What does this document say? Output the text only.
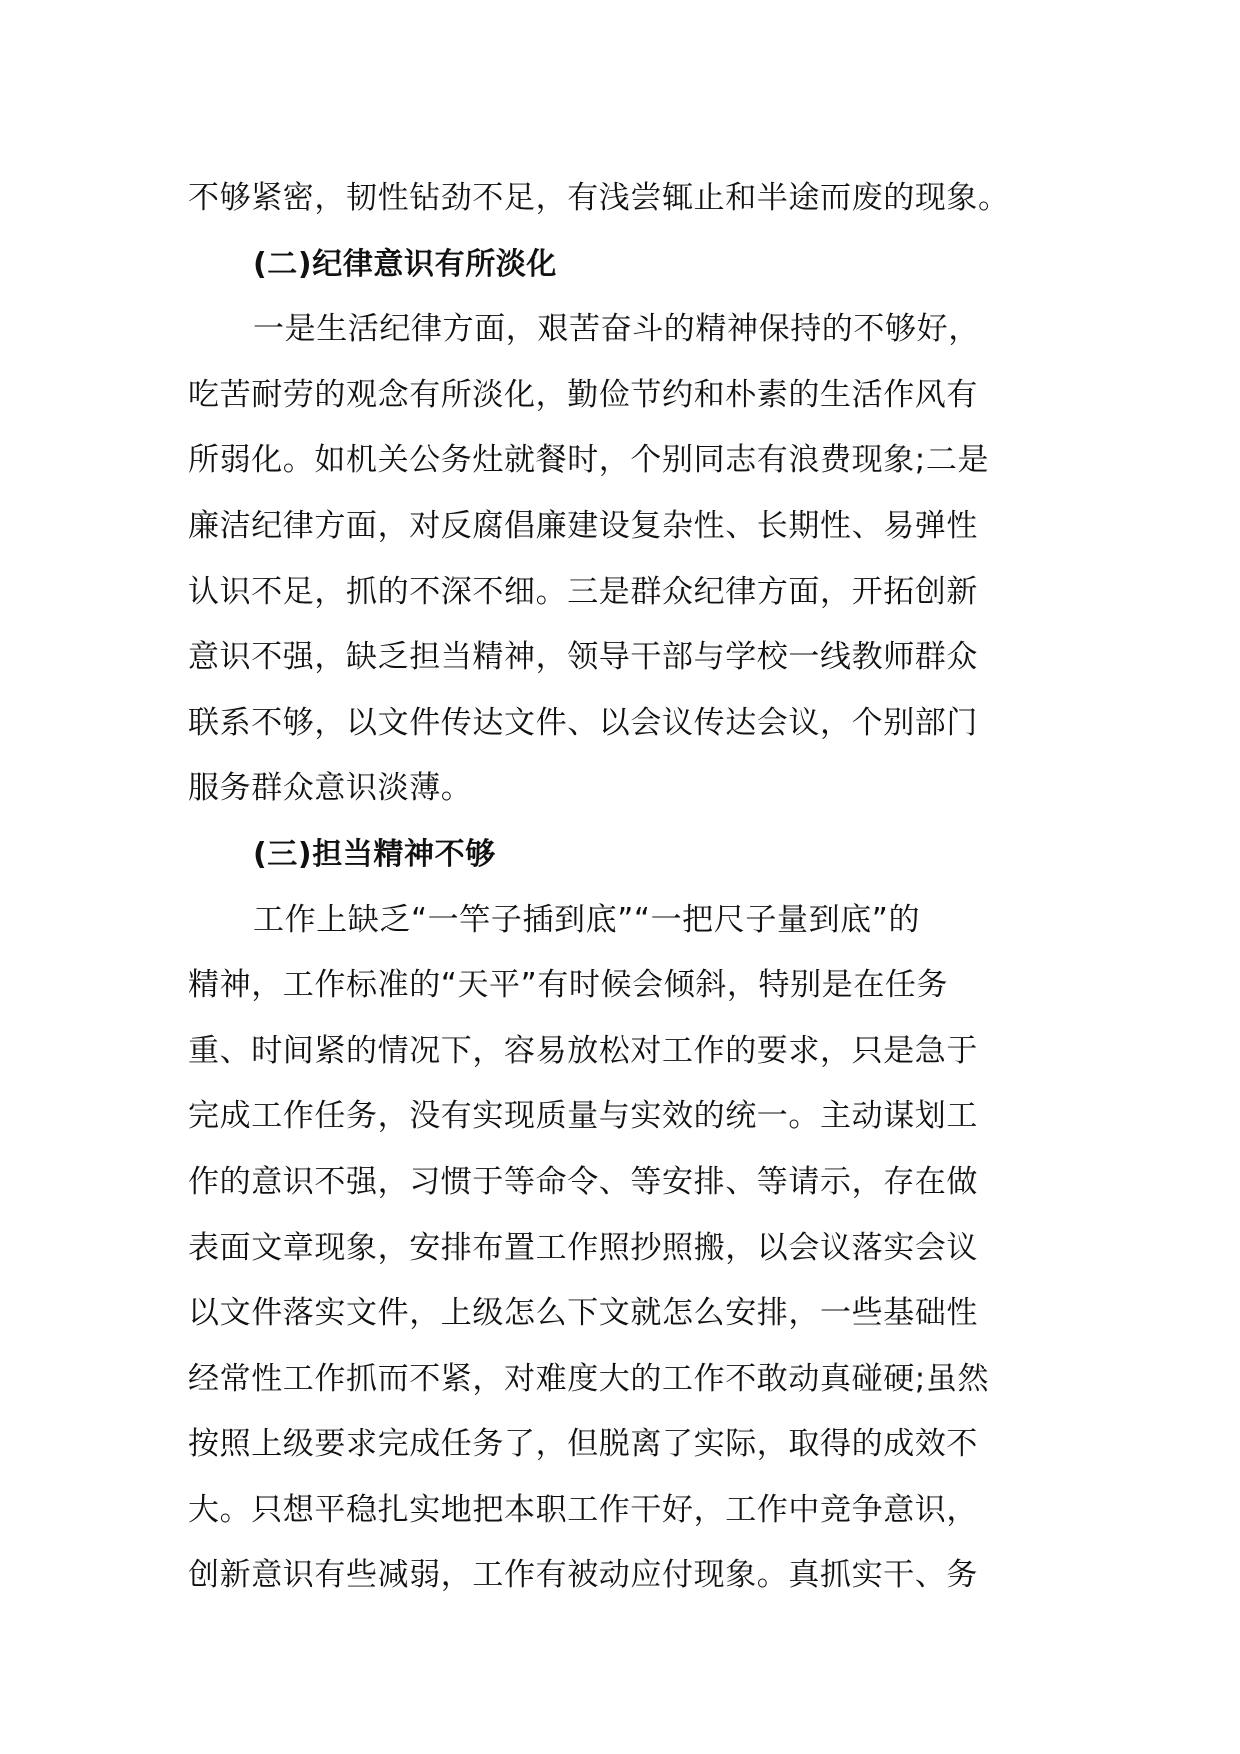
不够紧密，韧性钻劲不足，有浅尝辄止和半途而废的现象。
(二)纪律意识有所淡化
一是生活纪律方面，艰苦奋斗的精神保持的不够好，
吃苦耐劳的观念有所淡化，勤俭节约和朴素的生活作风有
所弱化。如机关公务灶就餐时，个别同志有浪费现象;二是
廉洁纪律方面，对反腐倡廉建设复杂性、长期性、易弹性
认识不足，抓的不深不细。三是群众纪律方面，开拓创新
意识不强，缺乏担当精神，领导干部与学校一线教师群众
联系不够，以文件传达文件、以会议传达会议，个别部门
服务群众意识淡薄。
(三)担当精神不够
工作上缺乏“一竿子插到底”“一把尺子量到底”的
精神，工作标准的“天平”有时候会倾斜，特别是在任务
重、时间紧的情况下，容易放松对工作的要求，只是急于
完成工作任务，没有实现质量与实效的统一。主动谋划工
作的意识不强，习惯于等命令、等安排、等请示，存在做
表面文章现象，安排布置工作照抄照搬，以会议落实会议
以文件落实文件，上级怎么下文就怎么安排，一些基础性
经常性工作抓而不紧，对难度大的工作不敢动真碰硬;虽然
按照上级要求完成任务了，但脱离了实际，取得的成效不
大。只想平稳扎实地把本职工作干好，工作中竞争意识，
创新意识有些减弱，工作有被动应付现象。真抓实干、务
